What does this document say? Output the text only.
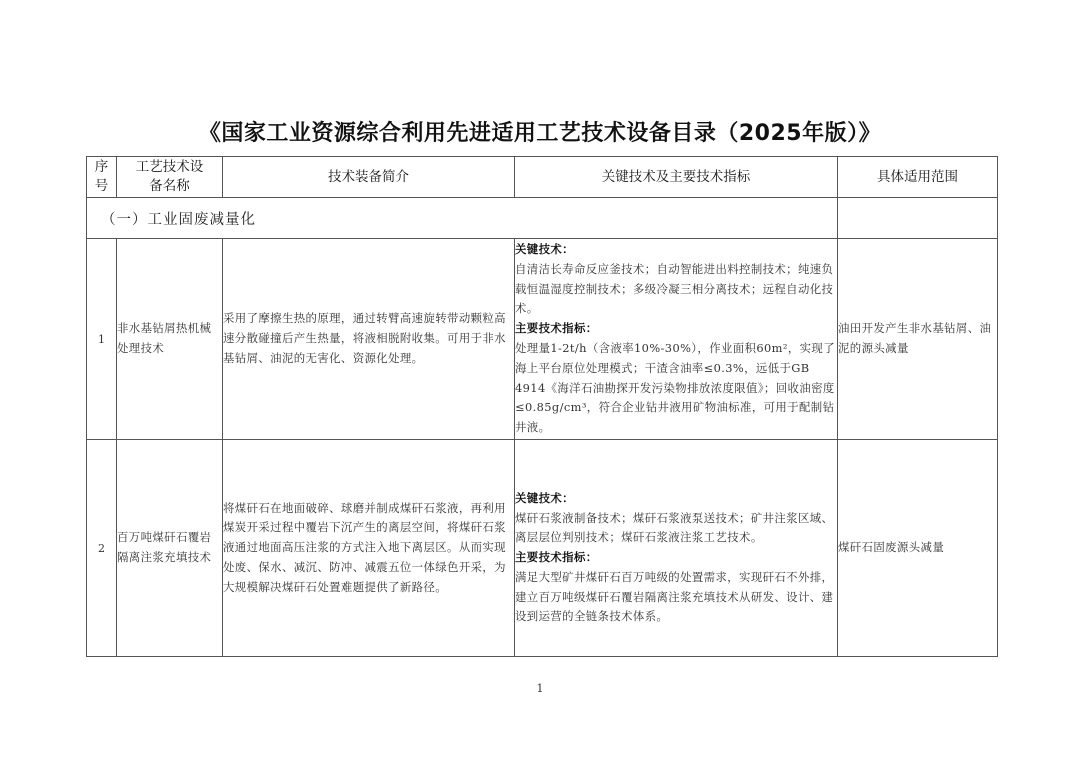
《国家工业资源综合利用先进适用工艺技术设备目录（2025年版）》
序号	工艺技术设备名称	技术装备简介	关键技术及主要技术指标	具体适用范围
（一）工业固废减量化				
1	非水基钻屑热机械处理技术	采用了摩擦生热的原理，通过转臂高速旋转带动颗粒高速分散碰撞后产生热量，将液相脱附收集。可用于非水基钻屑、油泥的无害化、资源化处理。	关键技术：
自清洁长寿命反应釜技术；自动智能进出料控制技术；纯速负载恒温湿度控制技术；多级冷凝三相分离技术；远程自动化技术。
主要技术指标：
处理量1-2t/h（含液率10%-30%），作业面积60m²，实现了海上平台原位处理模式；干渣含油率≤0.3%，远低于GB 4914《海洋石油勘探开发污染物排放浓度限值》；回收油密度≤0.85g/cm³，符合企业钻井液用矿物油标准，可用于配制钻井液。	油田开发产生非水基钻屑、油泥的源头减量
2	百万吨煤矸石覆岩隔离注浆充填技术	将煤矸石在地面破碎、球磨并制成煤矸石浆液，再利用煤炭开采过程中覆岩下沉产生的离层空间，将煤矸石浆液通过地面高压注浆的方式注入地下离层区。从而实现处废、保水、减沉、防冲、减震五位一体绿色开采，为大规模解决煤矸石处置难题提供了新路径。	关键技术：
煤矸石浆液制备技术；煤矸石浆液泵送技术；矿井注浆区域、离层层位判别技术；煤矸石浆液注浆工艺技术。
主要技术指标：
满足大型矿井煤矸石百万吨级的处置需求，实现矸石不外排，建立百万吨级煤矸石覆岩隔离注浆充填技术从研发、设计、建设到运营的全链条技术体系。	煤矸石固废源头减量
1
